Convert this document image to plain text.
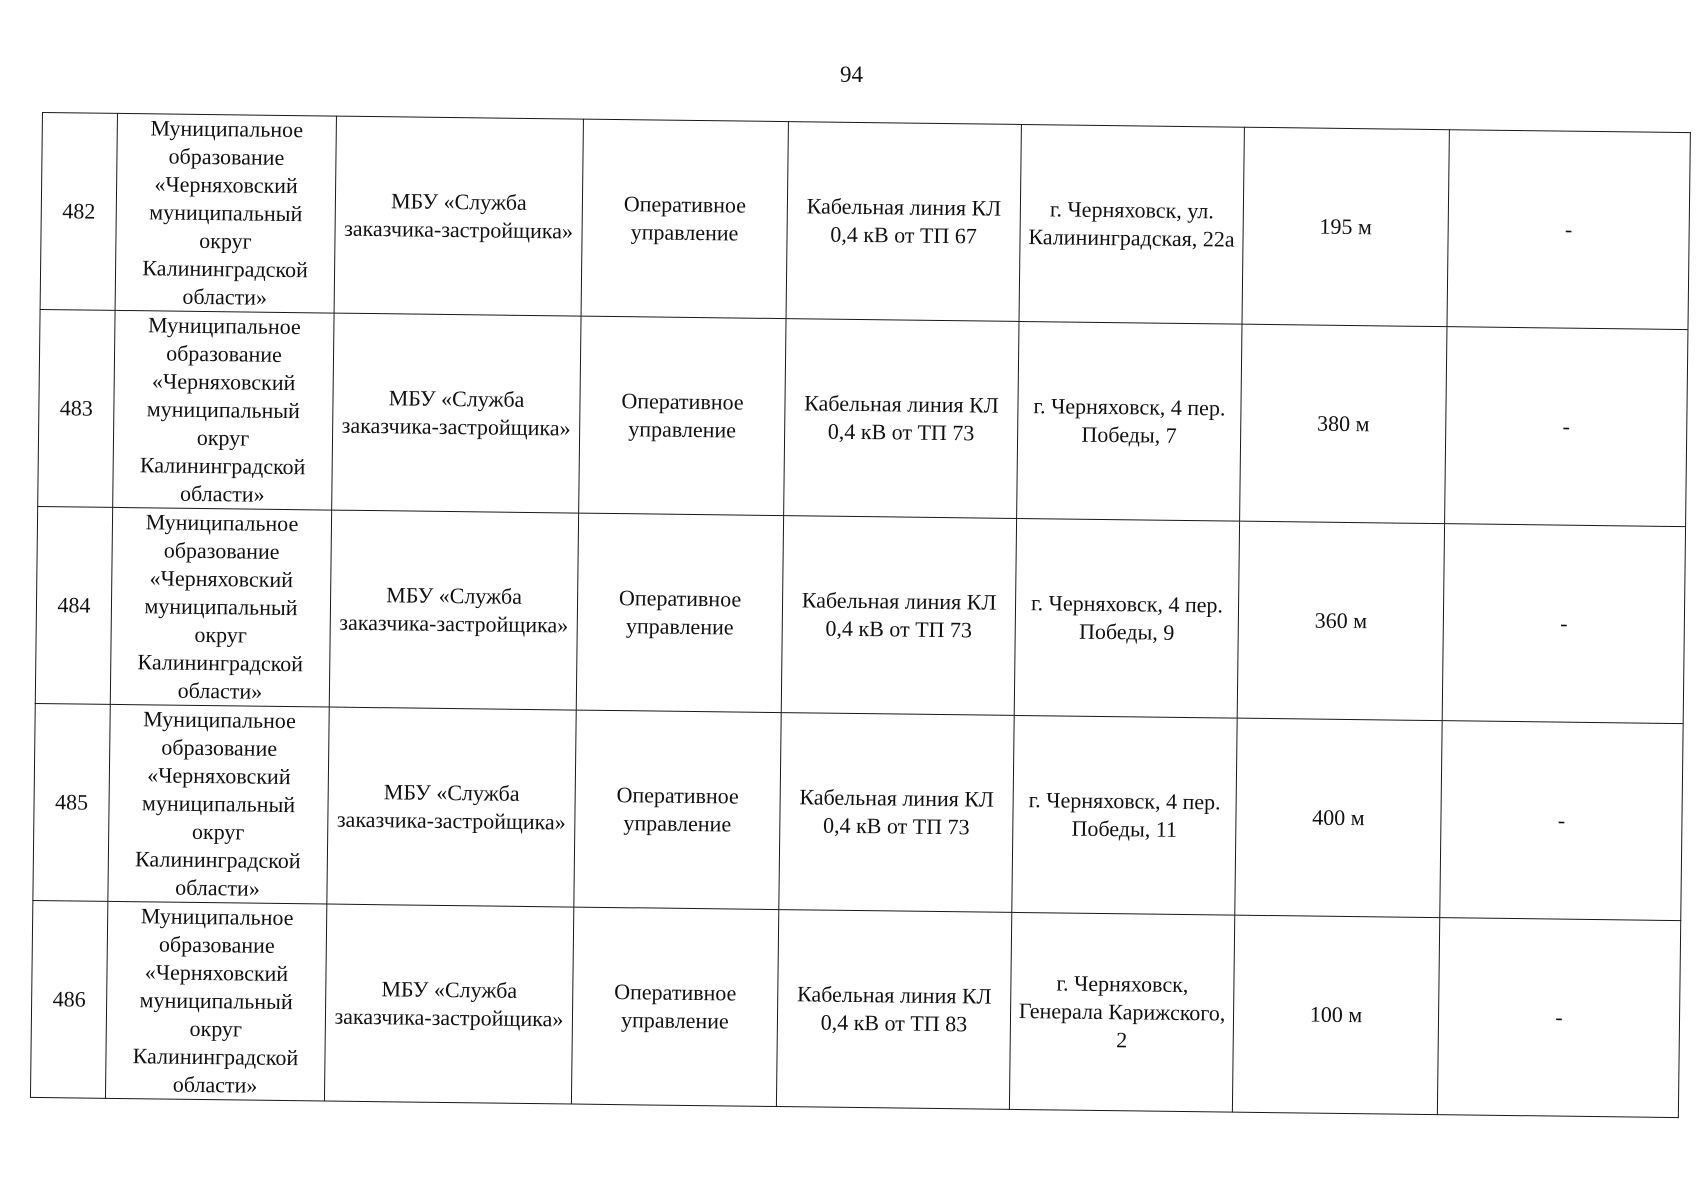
94
482	Муниципальное образование «Черняховский муниципальный округ Калининградской области»	МБУ «Служба заказчика-застройщика»	Оперативное управление	Кабельная линия КЛ 0,4 кВ от ТП 67	г. Черняховск, ул. Калининградская, 22а	195 м	-
483	Муниципальное образование «Черняховский муниципальный округ Калининградской области»	МБУ «Служба заказчика-застройщика»	Оперативное управление	Кабельная линия КЛ 0,4 кВ от ТП 73	г. Черняховск, 4 пер. Победы, 7	380 м	-
484	Муниципальное образование «Черняховский муниципальный округ Калининградской области»	МБУ «Служба заказчика-застройщика»	Оперативное управление	Кабельная линия КЛ 0,4 кВ от ТП 73	г. Черняховск, 4 пер. Победы, 9	360 м	-
485	Муниципальное образование «Черняховский муниципальный округ Калининградской области»	МБУ «Служба заказчика-застройщика»	Оперативное управление	Кабельная линия КЛ 0,4 кВ от ТП 73	г. Черняховск, 4 пер. Победы, 11	400 м	-
486	Муниципальное образование «Черняховский муниципальный округ Калининградской области»	МБУ «Служба заказчика-застройщика»	Оперативное управление	Кабельная линия КЛ 0,4 кВ от ТП 83	г. Черняховск, Генерала Карижского, 2	100 м	-
